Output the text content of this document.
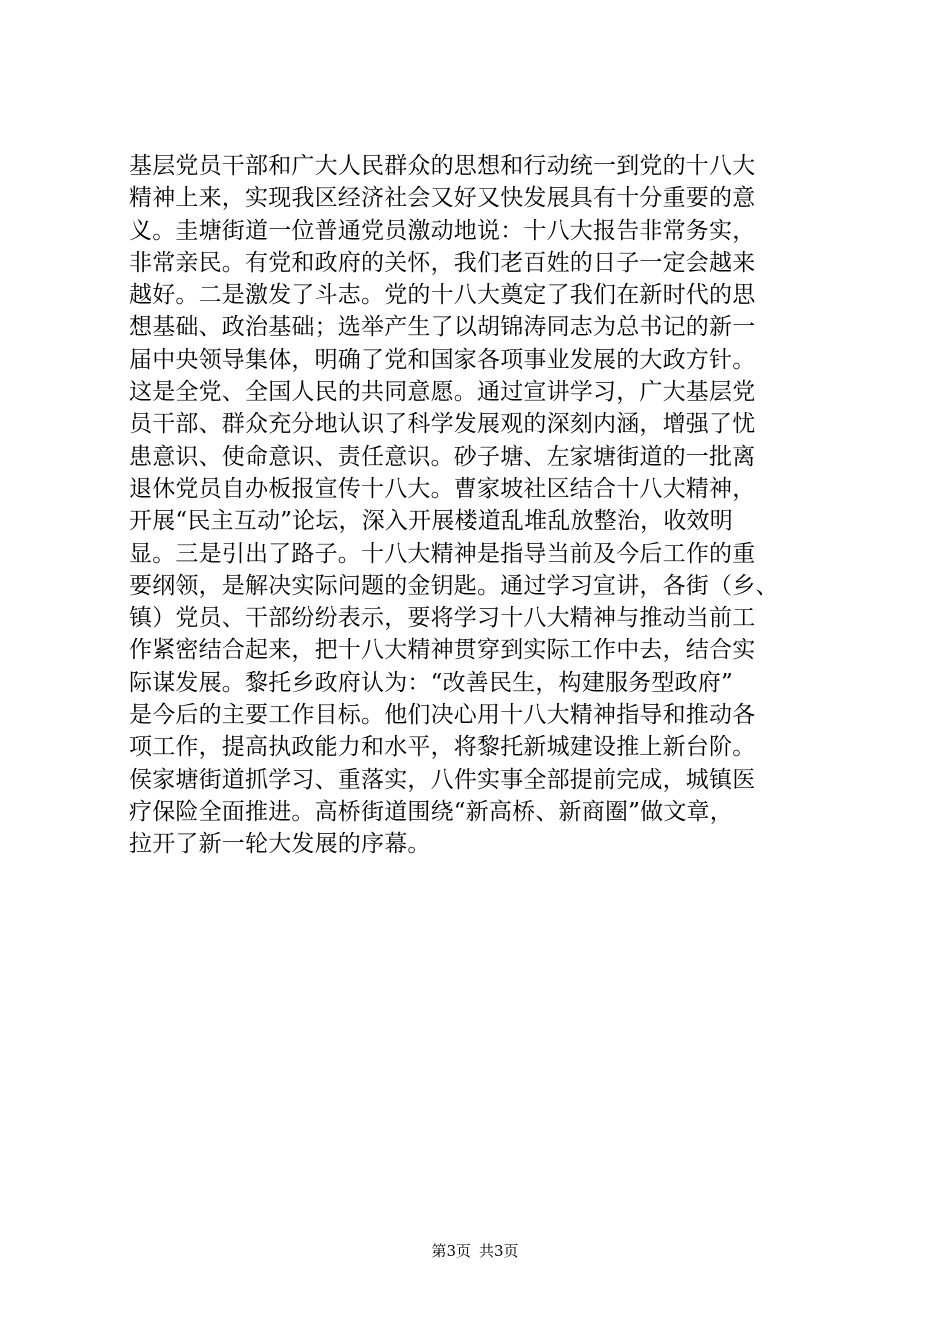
基层党员干部和广大人民群众的思想和行动统一到党的十八大
精神上来，实现我区经济社会又好又快发展具有十分重要的意
义。圭塘街道一位普通党员激动地说：十八大报告非常务实，
非常亲民。有党和政府的关怀，我们老百姓的日子一定会越来
越好。二是激发了斗志。党的十八大奠定了我们在新时代的思
想基础、政治基础；选举产生了以胡锦涛同志为总书记的新一
届中央领导集体，明确了党和国家各项事业发展的大政方针。
这是全党、全国人民的共同意愿。通过宣讲学习，广大基层党
员干部、群众充分地认识了科学发展观的深刻内涵，增强了忧
患意识、使命意识、责任意识。砂子塘、左家塘街道的一批离
退休党员自办板报宣传十八大。曹家坡社区结合十八大精神，
开展“民主互动”论坛，深入开展楼道乱堆乱放整治，收效明
显。三是引出了路子。十八大精神是指导当前及今后工作的重
要纲领，是解决实际问题的金钥匙。通过学习宣讲，各街（乡、
镇）党员、干部纷纷表示，要将学习十八大精神与推动当前工
作紧密结合起来，把十八大精神贯穿到实际工作中去，结合实
际谋发展。黎托乡政府认为：“改善民生，构建服务型政府”
是今后的主要工作目标。他们决心用十八大精神指导和推动各
项工作，提高执政能力和水平，将黎托新城建设推上新台阶。
侯家塘街道抓学习、重落实，八件实事全部提前完成，城镇医
疗保险全面推进。高桥街道围绕“新高桥、新商圈”做文章，
拉开了新一轮大发展的序幕。
第3页 共3页
